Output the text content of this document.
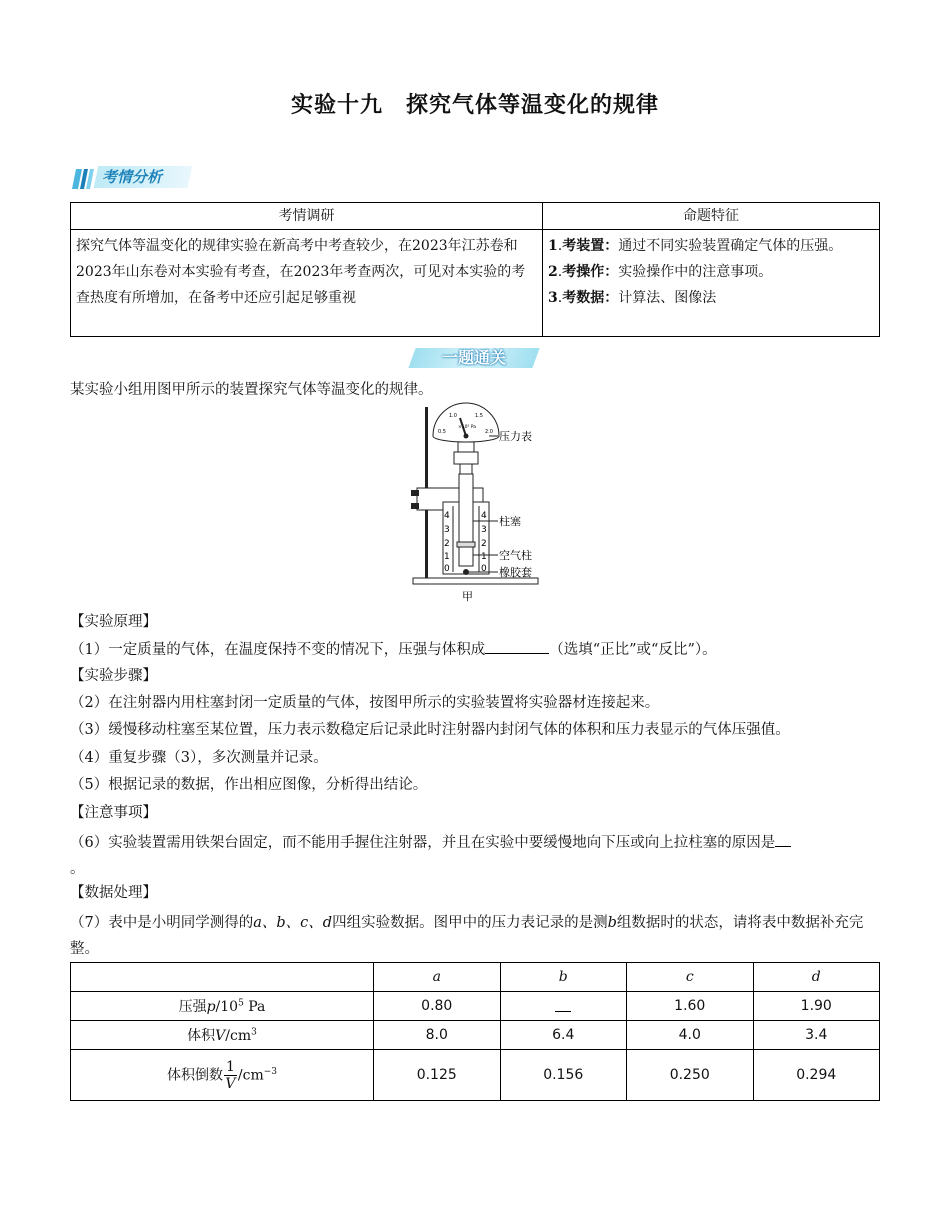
实验十九　探究气体等温变化的规律
考情分析
考情调研	命题特征
探究气体等温变化的规律实验在新高考中考查较少，在2023年江苏卷和2023年山东卷对本实验有考查，在2023年考查两次，可见对本实验的考查热度有所增加，在备考中还应引起足够重视	1.考装置：通过不同实验装置确定气体的压强。
2.考操作：实验操作中的注意事项。
3.考数据：计算法、图像法
一题通关
某实验小组用图甲所示的装置探究气体等温变化的规律。
0.5
1.0	1.5
2.0
×10⁵ Pa
4
3
2
1
0
4
3
2
1
0
压力表
柱塞
空气柱
橡胶套
甲
【实验原理】
（1）一定质量的气体，在温度保持不变的情况下，压强与体积成	（选填“正比”或“反比”）。
【实验步骤】
（2）在注射器内用柱塞封闭一定质量的气体，按图甲所示的实验装置将实验器材连接起来。
（3）缓慢移动柱塞至某位置，压力表示数稳定后记录此时注射器内封闭气体的体积和压力表显示的气体压强值。
（4）重复步骤（3），多次测量并记录。
（5）根据记录的数据，作出相应图像，分析得出结论。
【注意事项】
（6）实验装置需用铁架台固定，而不能用手握住注射器，并且在实验中要缓慢地向下压或向上拉柱塞的原因是
。
【数据处理】
（7）表中是小明同学测得的a、b、c、d四组实验数据。图甲中的压力表记录的是测b组数据时的状态，请将表中数据补充完整。
	a	b	c	d
压强$p/10^5$ Pa	0.80		1.60	1.90
体积$V/cm^3$	8.0	6.4	4.0	3.4
体积倒数 $\frac{1}{V} /cm^{-3}$	0.125	0.156	0.250	0.294
